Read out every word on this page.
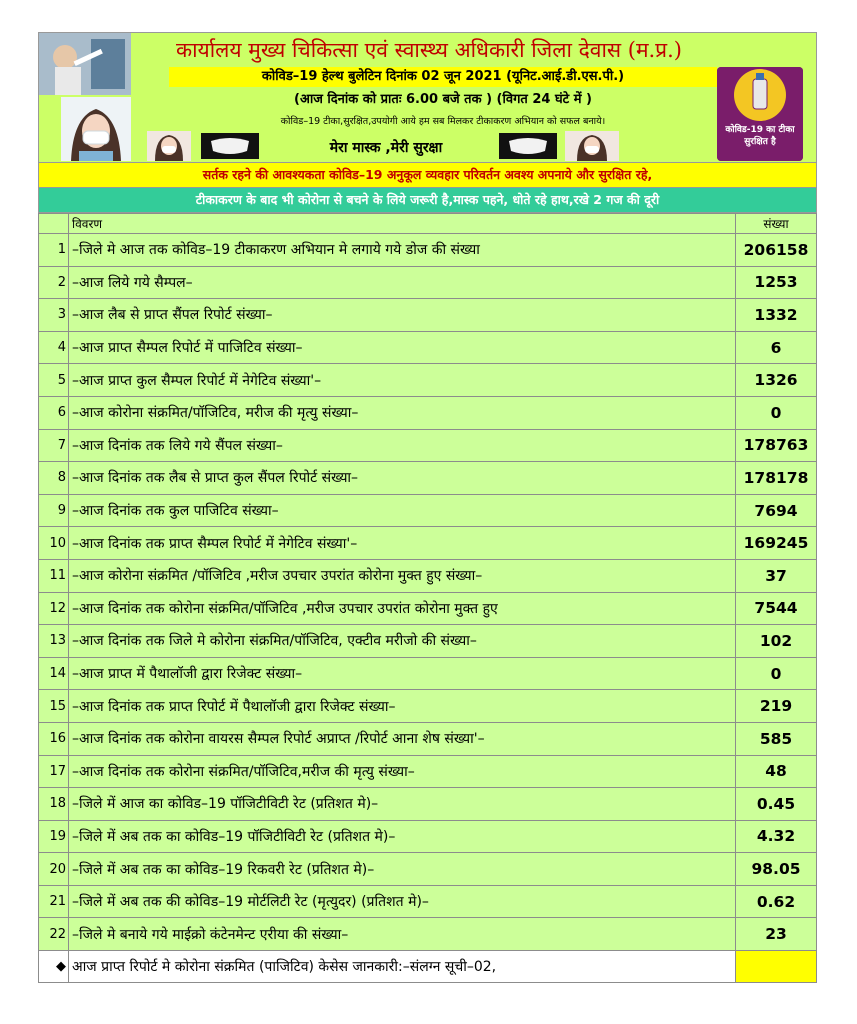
कार्यालय मुख्य चिकित्सा एवं स्वास्थ्य अधिकारी जिला देवास (म.प्र.)
कोविड–19 हेल्थ बुलेटिन दिनांक 02 जून 2021 (यूनिट.आई.डी.एस.पी.)
(आज दिनांक को प्रातः 6.00 बजे तक ) (विगत 24 घंटे में )
कोविड–19 टीका,सुरक्षित,उपयोगी आये हम सब मिलकर टीकाकरण अभियान को सफल बनाये।
मेरा मास्क ,मेरी सुरक्षा
कोविड-19 का टीका सुरक्षित है
सर्तक रहने की आवश्यकता कोविड–19 अनुकूल व्यवहार परिवर्तन अवश्य अपनाये और सुरक्षित रहे,
टीकाकरण के बाद भी कोरोना से बचने के लिये जरूरी है,मास्क पहने, धोते रहे हाथ,रखे 2 गज की दूरी
	विवरण	संख्या
1	–जिले मे आज तक कोविड–19 टीकाकरण अभियान मे लगाये गये डोज की संख्या	206158
2	–आज लिये गये सैम्पल–	1253
3	–आज लैब से प्राप्त सैंपल रिपोर्ट संख्या–	1332
4	–आज प्राप्त सैम्पल रिपोर्ट में पाजिटिव संख्या–	6
5	–आज प्राप्त कुल सैम्पल रिपोर्ट में नेगेटिव संख्या'–	1326
6	–आज कोरोना संक्रमित/पॉजिटिव, मरीज की मृत्यु संख्या–	0
7	–आज दिनांक तक लिये गये सैंपल संख्या–	178763
8	–आज दिनांक तक लैब से प्राप्त कुल सैंपल रिपोर्ट संख्या–	178178
9	–आज दिनांक तक कुल पाजिटिव संख्या–	7694
10	–आज दिनांक तक प्राप्त सैम्पल रिपोर्ट में नेगेटिव संख्या'–	169245
11	–आज कोरोना संक्रमित /पॉजिटिव ,मरीज उपचार उपरांत कोरोना मुक्त हुए संख्या–	37
12	–आज दिनांक तक कोरोना संक्रमित/पॉजिटिव ,मरीज उपचार उपरांत कोरोना मुक्त हुए	7544
13	–आज दिनांक तक जिले मे कोरोना संक्रमित/पॉजिटिव, एक्टीव मरीजो की संख्या–	102
14	–आज प्राप्त में पैथालॉजी द्वारा रिजेक्ट संख्या–	0
15	–आज दिनांक तक प्राप्त रिपोर्ट में पैथालॉजी द्वारा रिजेक्ट संख्या–	219
16	–आज दिनांक तक कोरोना वायरस सैम्पल रिपोर्ट अप्राप्त /रिपोर्ट आना शेष संख्या'–	585
17	–आज दिनांक तक कोरोना संक्रमित/पॉजिटिव,मरीज की मृत्यु संख्या–	48
18	–जिले में आज का कोविड–19 पॉजिटीविटी रेट (प्रतिशत मे)–	0.45
19	–जिले में अब तक का कोविड–19 पॉजिटीविटी रेट (प्रतिशत मे)–	4.32
20	–जिले में अब तक का कोविड–19 रिकवरी रेट (प्रतिशत मे)–	98.05
21	–जिले में अब तक की कोविड–19 मोर्टलिटी रेट (मृत्युदर) (प्रतिशत मे)–	0.62
22	–जिले मे बनाये गये माईक्रो कंटेनमेन्ट एरीया की संख्या–	23
◆	आज प्राप्त रिपोर्ट मे कोरोना संक्रमित (पाजिटिव) केसेस जानकारी:–संलग्न सूची–02,	
